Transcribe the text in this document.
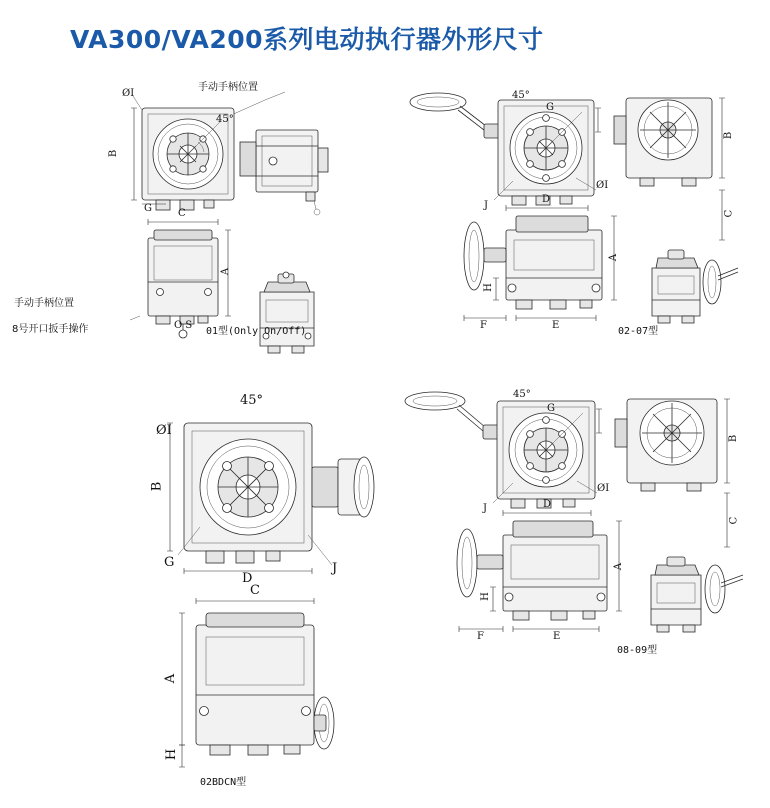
VA300/VA200系列电动执行器外形尺寸
手动手柄位置
ØI
45°
B
G	C
A
手动手柄位置
8号开口扳手操作	O S
01型(Only On/Off)
45°
G
ØI
J
B
C
D
A
H
F	E
02-07型
45°
ØI
B
G	J
D
C
A
H
02BDCN型
45°
G
ØI
J
B
C
D
A
H
F	E
08-09型
